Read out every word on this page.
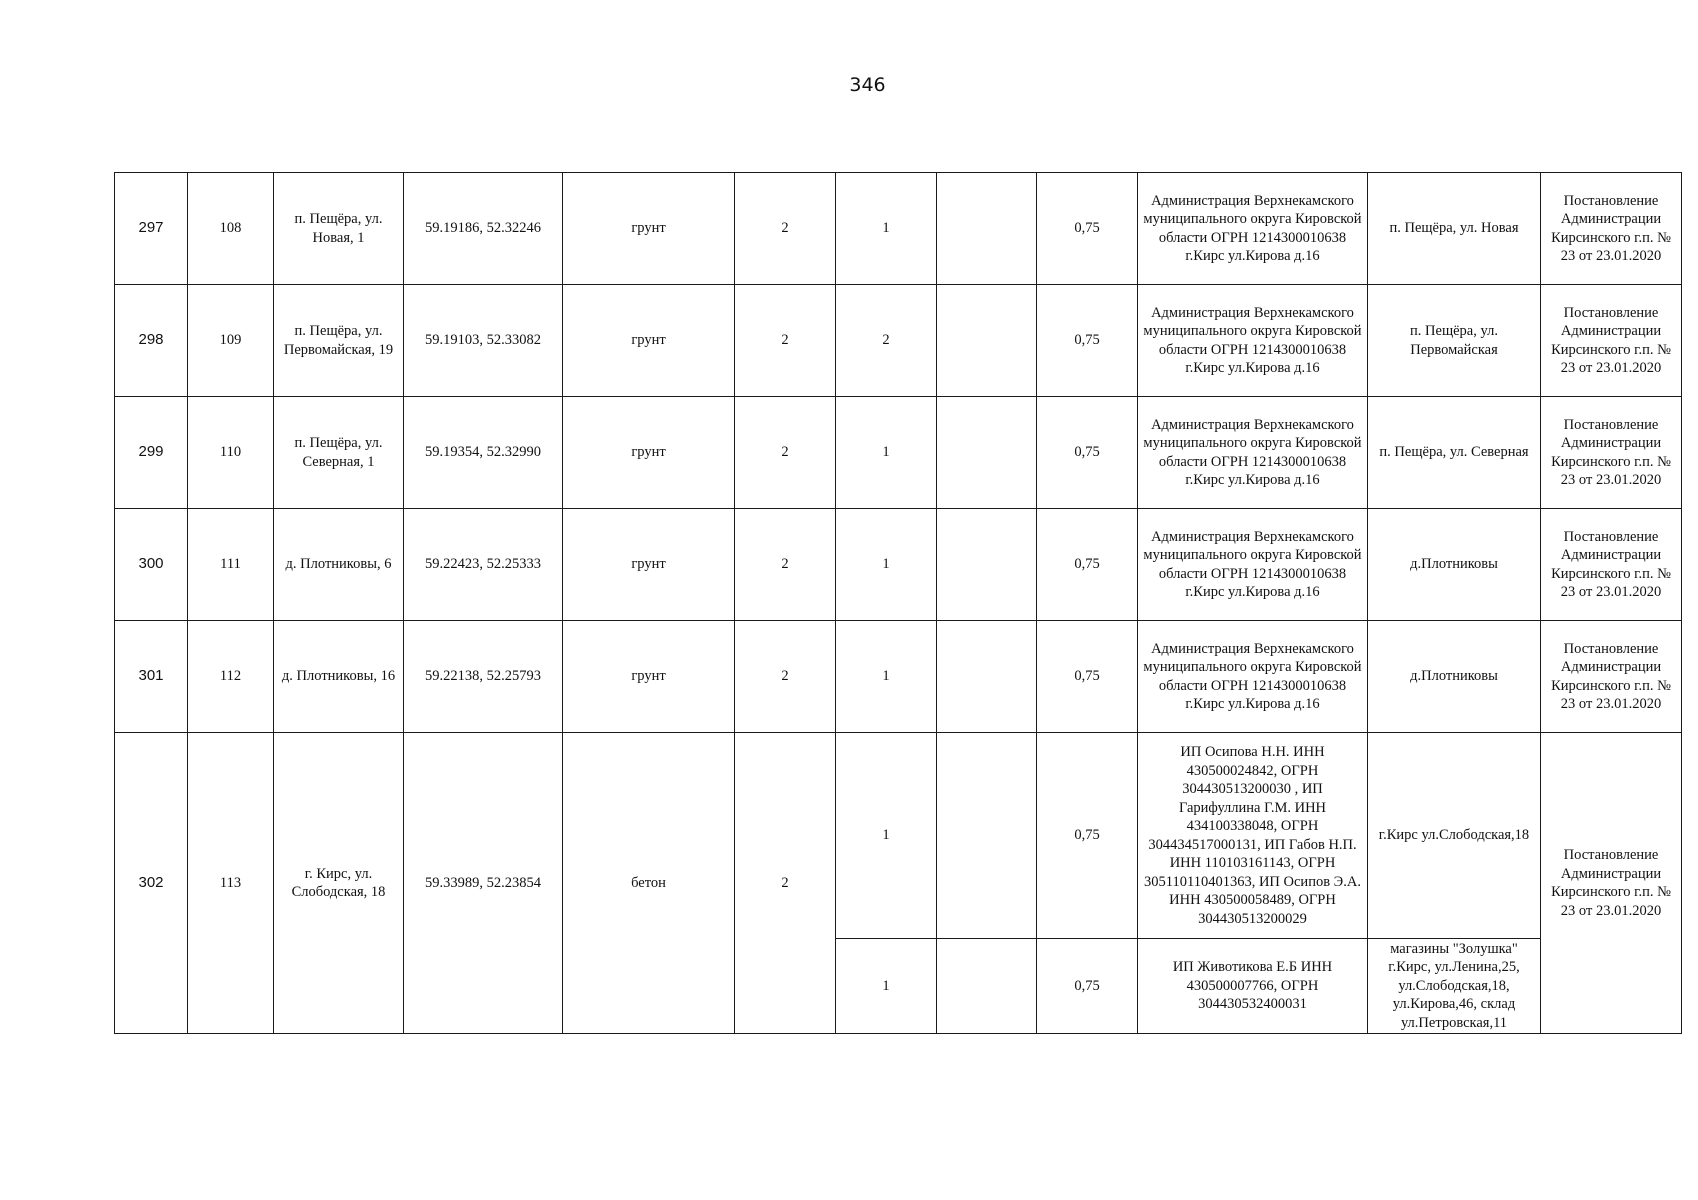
346
297	108	п. Пещёра, ул. Новая, 1	59.19186, 52.32246	грунт	2	1		0,75	Администрация Верхнекамского муниципального округа Кировской области ОГРН 1214300010638 г.Кирс ул.Кирова д.16	п. Пещёра, ул. Новая	Постановление Администрации Кирсинского г.п. № 23 от 23.01.2020
298	109	п. Пещёра, ул. Первомайская, 19	59.19103, 52.33082	грунт	2	2		0,75	Администрация Верхнекамского муниципального округа Кировской области ОГРН 1214300010638 г.Кирс ул.Кирова д.16	п. Пещёра, ул. Первомайская	Постановление Администрации Кирсинского г.п. № 23 от 23.01.2020
299	110	п. Пещёра, ул. Северная, 1	59.19354, 52.32990	грунт	2	1		0,75	Администрация Верхнекамского муниципального округа Кировской области ОГРН 1214300010638 г.Кирс ул.Кирова д.16	п. Пещёра, ул. Северная	Постановление Администрации Кирсинского г.п. № 23 от 23.01.2020
300	111	д. Плотниковы, 6	59.22423, 52.25333	грунт	2	1		0,75	Администрация Верхнекамского муниципального округа Кировской области ОГРН 1214300010638 г.Кирс ул.Кирова д.16	д.Плотниковы	Постановление Администрации Кирсинского г.п. № 23 от 23.01.2020
301	112	д. Плотниковы, 16	59.22138, 52.25793	грунт	2	1		0,75	Администрация Верхнекамского муниципального округа Кировской области ОГРН 1214300010638 г.Кирс ул.Кирова д.16	д.Плотниковы	Постановление Администрации Кирсинского г.п. № 23 от 23.01.2020
302	113	г. Кирс, ул. Слободская, 18	59.33989, 52.23854	бетон	2	1		0,75	ИП Осипова Н.Н. ИНН 430500024842, ОГРН 304430513200030 , ИП Гарифуллина Г.М. ИНН 434100338048, ОГРН 304434517000131, ИП Габов Н.П. ИНН 110103161143, ОГРН 305110110401363, ИП Осипов Э.А. ИНН 430500058489, ОГРН 304430513200029	г.Кирс ул.Слободская,18	Постановление Администрации Кирсинского г.п. № 23 от 23.01.2020
						1		0,75	ИП Животикова Е.Б ИНН 430500007766, ОГРН 304430532400031	магазины "Золушка" г.Кирс, ул.Ленина,25, ул.Слободская,18, ул.Кирова,46, склад ул.Петровская,11	
